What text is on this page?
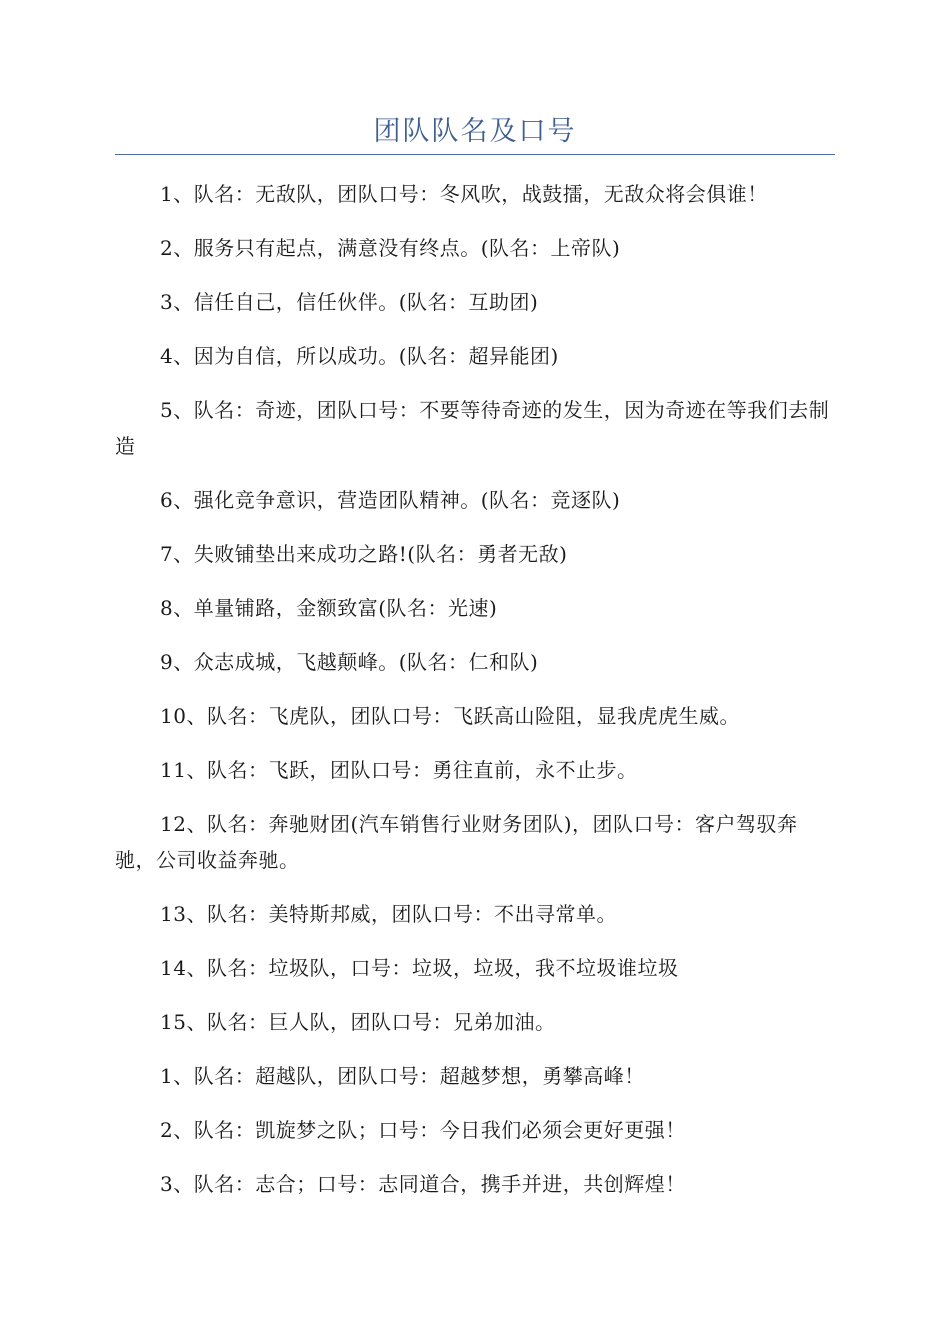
团队队名及口号

1、队名：无敌队，团队口号：冬风吹，战鼓擂，无敌众将会俱谁！

2、服务只有起点，满意没有终点。(队名：上帝队)

3、信任自己，信任伙伴。(队名：互助团)

4、因为自信，所以成功。(队名：超异能团)

5、队名：奇迹，团队口号：不要等待奇迹的发生，因为奇迹在等我们去制造

6、强化竞争意识，营造团队精神。(队名：竞逐队)

7、失败铺垫出来成功之路!(队名：勇者无敌)

8、单量铺路，金额致富(队名：光速)

9、众志成城，飞越颠峰。(队名：仁和队)

10、队名：飞虎队，团队口号：飞跃高山险阻，显我虎虎生威。

11、队名：飞跃，团队口号：勇往直前，永不止步。

12、队名：奔驰财团(汽车销售行业财务团队)，团队口号：客户驾驭奔驰，公司收益奔驰。

13、队名：美特斯邦威，团队口号：不出寻常单。

14、队名：垃圾队，口号：垃圾，垃圾，我不垃圾谁垃圾

15、队名：巨人队，团队口号：兄弟加油。

1、队名：超越队，团队口号：超越梦想，勇攀高峰！

2、队名：凯旋梦之队；口号：今日我们必须会更好更强！

3、队名：志合；口号：志同道合，携手并进，共创辉煌！
